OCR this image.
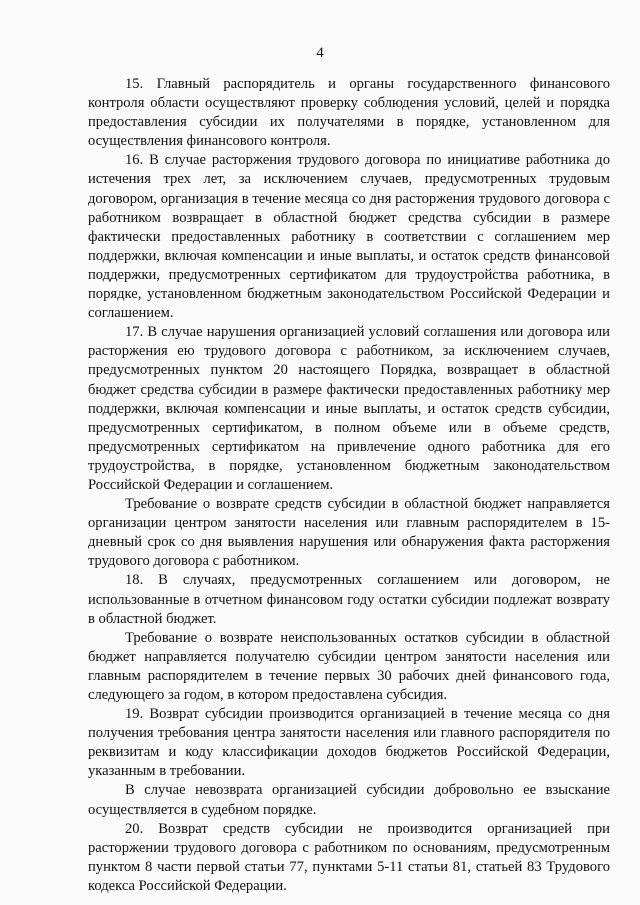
4

15. Главный распорядитель и органы государственного финансового контроля области осуществляют проверку соблюдения условий, целей и порядка предоставления субсидии их получателями в порядке, установленном для осуществления финансового контроля.

16. В случае расторжения трудового договора по инициативе работника до истечения трех лет, за исключением случаев, предусмотренных трудовым договором, организация в течение месяца со дня расторжения трудового договора с работником возвращает в областной бюджет средства субсидии в размере фактически предоставленных работнику в соответствии с соглашением мер поддержки, включая компенсации и иные выплаты, и остаток средств финансовой поддержки, предусмотренных сертификатом для трудоустройства работника, в порядке, установленном бюджетным законодательством Российской Федерации и соглашением.

17. В случае нарушения организацией условий соглашения или договора или расторжения ею трудового договора с работником, за исключением случаев, предусмотренных пунктом 20 настоящего Порядка, возвращает в областной бюджет средства субсидии в размере фактически предоставленных работнику мер поддержки, включая компенсации и иные выплаты, и остаток средств субсидии, предусмотренных сертификатом, в полном объеме или в объеме средств, предусмотренных сертификатом на привлечение одного работника для его трудоустройства, в порядке, установленном бюджетным законодательством Российской Федерации и соглашением.

Требование о возврате средств субсидии в областной бюджет направляется организации центром занятости населения или главным распорядителем в 15-дневный срок со дня выявления нарушения или обнаружения факта расторжения трудового договора с работником.

18. В случаях, предусмотренных соглашением или договором, не использованные в отчетном финансовом году остатки субсидии подлежат возврату в областной бюджет.

Требование о возврате неиспользованных остатков субсидии в областной бюджет направляется получателю субсидии центром занятости населения или главным распорядителем в течение первых 30 рабочих дней финансового года, следующего за годом, в котором предоставлена субсидия.

19. Возврат субсидии производится организацией в течение месяца со дня получения требования центра занятости населения или главного распорядителя по реквизитам и коду классификации доходов бюджетов Российской Федерации, указанным в требовании.

В случае невозврата организацией субсидии добровольно ее взыскание осуществляется в судебном порядке.

20. Возврат средств субсидии не производится организацией при расторжении трудового договора с работником по основаниям, предусмотренным пунктом 8 части первой статьи 77, пунктами 5-11 статьи 81, статьей 83 Трудового кодекса Российской Федерации.
